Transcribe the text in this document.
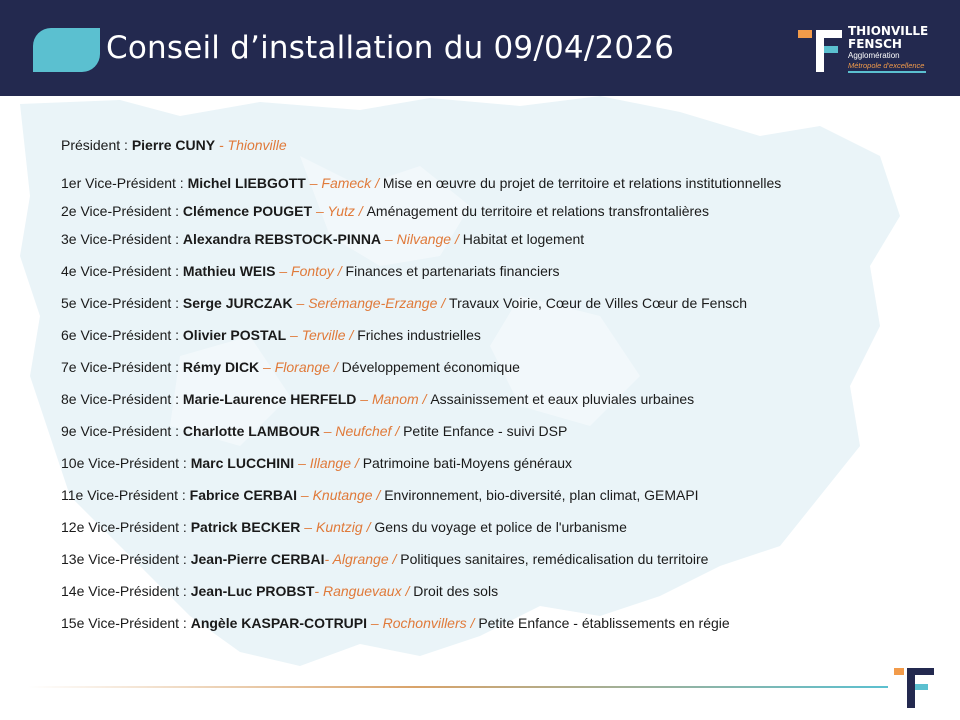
Conseil d’installation du 09/04/2026	THIONVILLE
FENSCH
Agglomération
Métropole d'excellence
Président : Pierre CUNY - Thionville
1er Vice-Président : Michel LIEBGOTT – Fameck / Mise en œuvre du projet de territoire et relations institutionnelles
2e Vice-Président : Clémence POUGET – Yutz / Aménagement du territoire et relations transfrontalières
3e Vice-Président : Alexandra REBSTOCK-PINNA – Nilvange / Habitat et logement
4e Vice-Président : Mathieu WEIS – Fontoy / Finances et partenariats financiers
5e Vice-Président : Serge JURCZAK – Serémange-Erzange / Travaux Voirie, Cœur de Villes Cœur de Fensch
6e Vice-Président : Olivier POSTAL – Terville / Friches industrielles
7e Vice-Président : Rémy DICK – Florange / Développement économique
8e Vice-Président : Marie-Laurence HERFELD – Manom / Assainissement et eaux pluviales urbaines
9e Vice-Président : Charlotte LAMBOUR – Neufchef / Petite Enfance - suivi DSP
10e Vice-Président : Marc LUCCHINI – Illange / Patrimoine bati-Moyens généraux
11e Vice-Président : Fabrice CERBAI – Knutange / Environnement, bio-diversité, plan climat, GEMAPI
12e Vice-Président : Patrick BECKER – Kuntzig / Gens du voyage et police de l'urbanisme
13e Vice-Président : Jean-Pierre CERBAI- Algrange / Politiques sanitaires, remédicalisation du territoire
14e Vice-Président : Jean-Luc PROBST- Ranguevaux / Droit des sols
15e Vice-Président : Angèle KASPAR-COTRUPI – Rochonvillers / Petite Enfance - établissements en régie
